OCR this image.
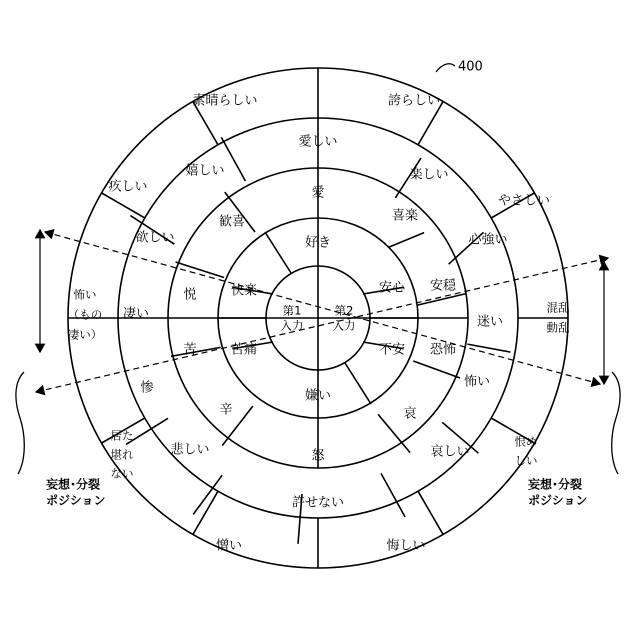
400
第1
入力
第2
入力
好き
安心
不安
嫌い
苦痛
快楽
愛
喜楽
安穏
恐怖
哀
怒
辛
苦
悦
歓喜
愛しい
楽しい
心強い
迷い
怖い
哀しい
許せない
悲しい
惨
凄い
欲しい
嬉しい
素晴らしい	誇らしい
疚しい
やさしい
怖い
（もの
凄い）
混乱
動乱
居た
堪れ
ない
恨め
しい
憎い	悔しい
妄想･分裂
ポジション
妄想･分裂
ポジション
